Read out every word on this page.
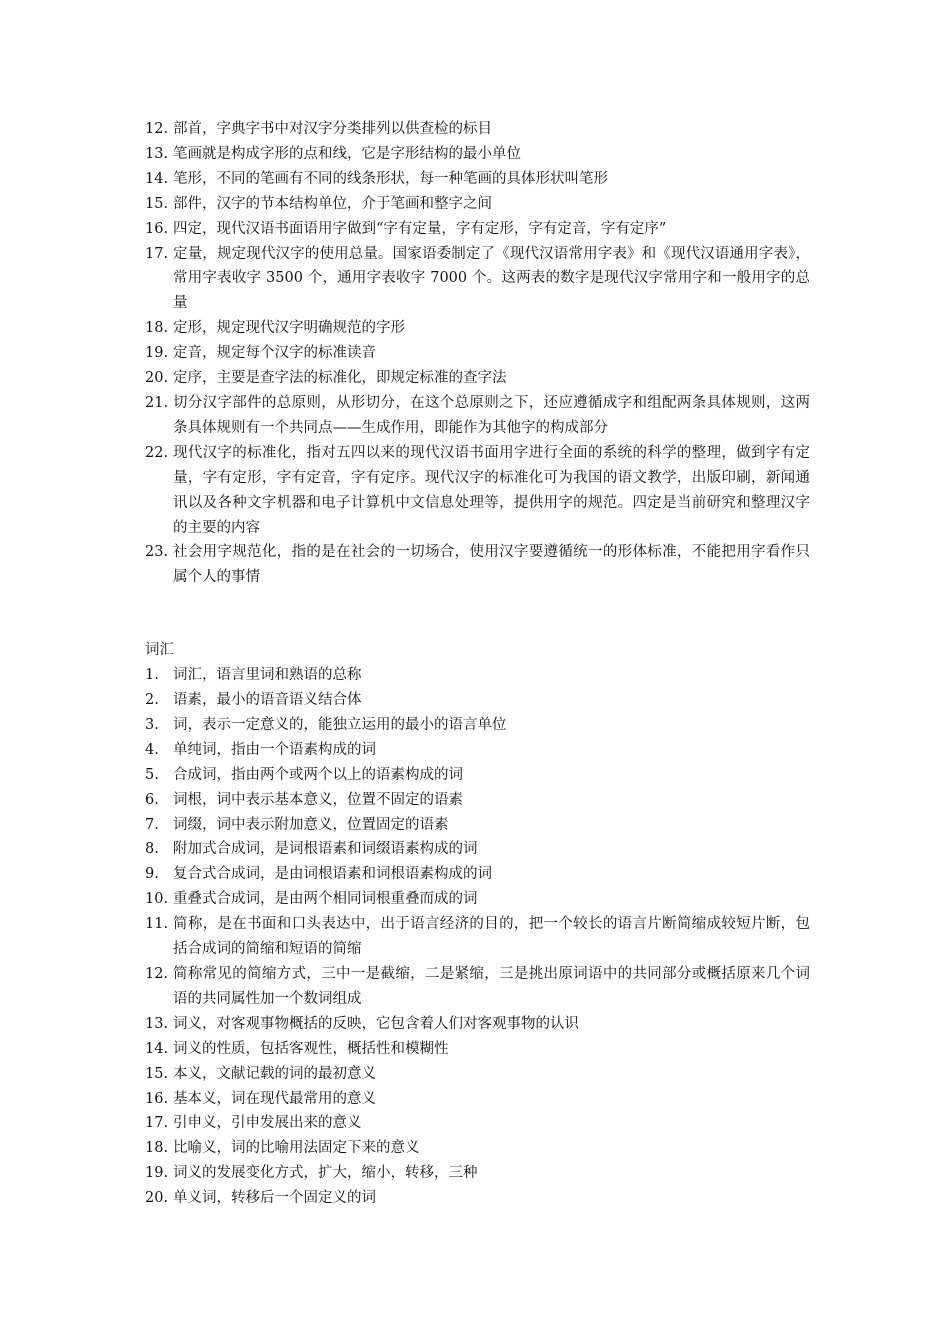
12. 部首，字典字书中对汉字分类排列以供查检的标目
13. 笔画就是构成字形的点和线，它是字形结构的最小单位
14. 笔形，不同的笔画有不同的线条形状，每一种笔画的具体形状叫笔形
15. 部件，汉字的节本结构单位，介于笔画和整字之间
16. 四定，现代汉语书面语用字做到“字有定量，字有定形，字有定音，字有定序”
17. 定量，规定现代汉字的使用总量。国家语委制定了《现代汉语常用字表》和《现代汉语通用字表》，常用字表收字 3500 个，通用字表收字 7000 个。这两表的数字是现代汉字常用字和一般用字的总量
18. 定形，规定现代汉字明确规范的字形
19. 定音，规定每个汉字的标准读音
20. 定序，主要是查字法的标准化，即规定标准的查字法
21. 切分汉字部件的总原则，从形切分，在这个总原则之下，还应遵循成字和组配两条具体规则，这两条具体规则有一个共同点——生成作用，即能作为其他字的构成部分
22. 现代汉字的标准化，指对五四以来的现代汉语书面用字进行全面的系统的科学的整理，做到字有定量，字有定形，字有定音，字有定序。现代汉字的标准化可为我国的语文教学，出版印刷，新闻通讯以及各种文字机器和电子计算机中文信息处理等，提供用字的规范。四定是当前研究和整理汉字的主要的内容
23. 社会用字规范化，指的是在社会的一切场合，使用汉字要遵循统一的形体标准，不能把用字看作只属个人的事情
词汇
1. 词汇，语言里词和熟语的总称
2. 语素，最小的语音语义结合体
3. 词，表示一定意义的，能独立运用的最小的语言单位
4. 单纯词，指由一个语素构成的词
5. 合成词，指由两个或两个以上的语素构成的词
6. 词根，词中表示基本意义，位置不固定的语素
7. 词缀，词中表示附加意义，位置固定的语素
8. 附加式合成词，是词根语素和词缀语素构成的词
9. 复合式合成词，是由词根语素和词根语素构成的词
10. 重叠式合成词，是由两个相同词根重叠而成的词
11. 简称，是在书面和口头表达中，出于语言经济的目的，把一个较长的语言片断简缩成较短片断，包括合成词的简缩和短语的简缩
12. 简称常见的简缩方式，三中一是截缩，二是紧缩，三是挑出原词语中的共同部分或概括原来几个词语的共同属性加一个数词组成
13. 词义，对客观事物概括的反映，它包含着人们对客观事物的认识
14. 词义的性质，包括客观性，概括性和模糊性
15. 本义，文献记载的词的最初意义
16. 基本义，词在现代最常用的意义
17. 引申义，引申发展出来的意义
18. 比喻义，词的比喻用法固定下来的意义
19. 词义的发展变化方式，扩大，缩小，转移，三种
20. 单义词，转移后一个固定义的词
